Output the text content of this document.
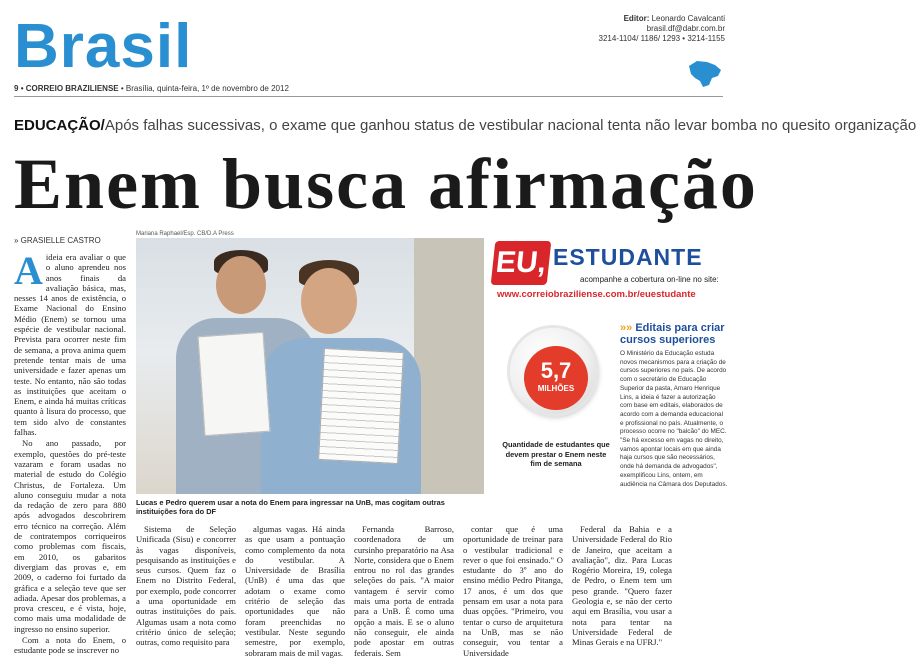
Brasil	Editor: Leonardo Cavalcanti
brasil.df@dabr.com.br
3214-1104/ 1186/ 1293 • 3214-1155
9 • CORREIO BRAZILIENSE • Brasília, quinta-feira, 1º de novembro de 2012
EDUCAÇÃO/Após falhas sucessivas, o exame que ganhou status de vestibular nacional tenta não levar bomba no quesito organização
Enem busca afirmação
» GRASIELLE CASTRO
A ideia era avaliar o que o aluno aprendeu nos anos finais da avaliação básica, mas, nesses 14 anos de existência, o Exame Nacional do Ensino Médio (Enem) se tornou uma espécie de vestibular nacional. Prevista para ocorrer neste fim de semana, a prova anima quem pretende tentar mais de uma universidade e fazer apenas um teste. No entanto, não são todas as instituições que aceitam o Enem, e ainda há muitas críticas quanto à lisura do processo, que tem sido alvo de constantes falhas.

No ano passado, por exemplo, questões do pré-teste vazaram e foram usadas no material de estudo do Colégio Christus, de Fortaleza. Um aluno conseguiu mudar a nota da redação de zero para 880 após advogados descobrirem erro técnico na correção. Além de contratempos corriqueiros como problemas com fiscais, em 2010, os gabaritos divergiam das provas e, em 2009, o caderno foi furtado da gráfica e a seleção teve que ser adiada. Apesar dos problemas, a prova cresceu, e é vista, hoje, como mais uma modalidade de ingresso no ensino superior.

Com a nota do Enem, o estudante pode se inscrever no

Mariana Raphael/Esp. CB/D.A Press
Lucas e Pedro querem usar a nota do Enem para ingressar na UnB, mas cogitam outras instituições fora do DF

Sistema de Seleção Unificada (Sisu) e concorrer às vagas disponíveis, pesquisando as instituições e seus cursos. Quem faz o Enem no Distrito Federal, por exemplo, pode concorrer a uma oportunidade em outras instituições do país. Algumas usam a nota como critério único de seleção; outras, como requisito para

algumas vagas. Há ainda as que usam a pontuação como complemento da nota do vestibular. A Universidade de Brasília (UnB) é uma das que adotam o exame como critério de seleção das oportunidades que não foram preenchidas no vestibular. Neste segundo semestre, por exemplo, sobraram mais de mil vagas.

Fernanda Barroso, coordenadora de um cursinho preparatório na Asa Norte, considera que o Enem entrou no rol das grandes seleções do país. "A maior vantagem é servir como mais uma porta de entrada para a UnB. É como uma opção a mais. E se o aluno não conseguir, ele ainda pode apostar em outras federais. Sem

contar que é uma oportunidade de treinar para o vestibular tradicional e rever o que foi ensinado." O estudante do 3º ano do ensino médio Pedro Pitanga, 17 anos, é um dos que pensam em usar a nota para duas opções. "Primeiro, vou tentar o curso de arquitetura na UnB, mas se não conseguir, vou tentar a Universidade

Federal da Bahia e a Universidade Federal do Rio de Janeiro, que aceitam a avaliação", diz. Para Lucas Rogério Moreira, 19, colega de Pedro, o Enem tem um peso grande. "Quero fazer Geologia e, se não der certo aqui em Brasília, vou usar a nota para tentar na Universidade Federal de Minas Gerais e na UFRJ."

EU, ESTUDANTE
acompanhe a cobertura on-line no site:
www.correiobraziliense.com.br/euestudante
5,7
MILHÕES
Quantidade de estudantes que devem prestar o Enem neste fim de semana
»» Editais para criar cursos superiores
O Ministério da Educação estuda novos mecanismos para a criação de cursos superiores no país. De acordo com o secretário de Educação Superior da pasta, Amaro Henrique Lins, a ideia é fazer a autorização com base em editais, elaborados de acordo com a demanda educacional e profissional no país. Atualmente, o processo ocorre no "balcão" do MEC. "Se há excesso em vagas no direito, vamos apontar locais em que ainda haja cursos que são necessários, onde há demanda de advogados", exemplificou Lins, ontem, em audiência na Câmara dos Deputados.
